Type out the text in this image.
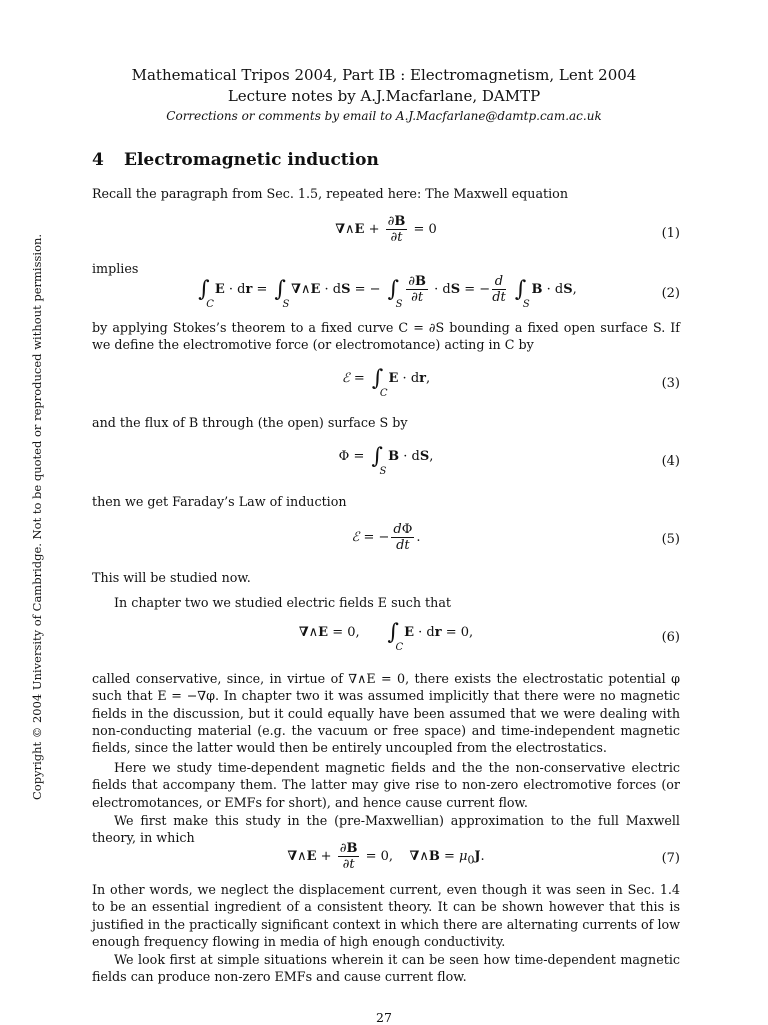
Mathematical Tripos 2004, Part IB : Electromagnetism, Lent 2004
Lecture notes by A.J.Macfarlane, DAMTP
Corrections or comments by email to A.J.Macfarlane@damtp.cam.ac.uk
Copyright © 2004 University of Cambridge. Not to be quoted or reproduced without permission.
4 Electromagnetic induction
Recall the paragraph from Sec. 1.5, repeated here: The Maxwell equation
∇∧E + $\frac{\partial B}{\partial t} = 0$	(1)
implies
∫
C
E · dr = ∫
S
∇∧E · dS = − ∫
S
$\frac{\partial B}{\partial t}$ · dS = − $\frac{d}{dt}$ ∫
S
B · dS,	(2)
by applying Stokes’s theorem to a fixed curve C = ∂S bounding a fixed open surface S. If we define the electromotive force (or electromotance) acting in C by
ℰ = ∫
C
E · dr,	(3)
and the flux of B through (the open) surface S by
Φ = ∫
S
B · dS,	(4)
then we get Faraday’s Law of induction
ℰ = − $\frac{d\Phi}{dt}$ .	(5)
This will be studied now.
In chapter two we studied electric fields E such that
∇∧E = 0,      ∫
C
E · dr = 0,	(6)
called conservative, since, in virtue of ∇∧E = 0, there exists the electrostatic potential φ such that E = −∇φ. In chapter two it was assumed implicitly that there were no magnetic fields in the discussion, but it could equally have been assumed that we were dealing with non-conducting material (e.g. the vacuum or free space) and time-independent magnetic fields, since the latter would then be entirely uncoupled from the electrostatics.
Here we study time-dependent magnetic fields and the the non-conservative electric fields that accompany them. The latter may give rise to non-zero electromotive forces (or electromotances, or EMFs for short), and hence cause current flow.
We first make this study in the (pre-Maxwellian) approximation to the full Maxwell theory, in which
∇∧E + $\frac{\partial B}{\partial t} = 0$,    ∇∧B = $\mu_0J$.	(7)
In other words, we neglect the displacement current, even though it was seen in Sec. 1.4 to be an essential ingredient of a consistent theory. It can be shown however that this is justified in the practically significant context in which there are alternating currents of low enough frequency flowing in media of high enough conductivity.
We look first at simple situations wherein it can be seen how time-dependent magnetic fields can produce non-zero EMFs and cause current flow.
27
